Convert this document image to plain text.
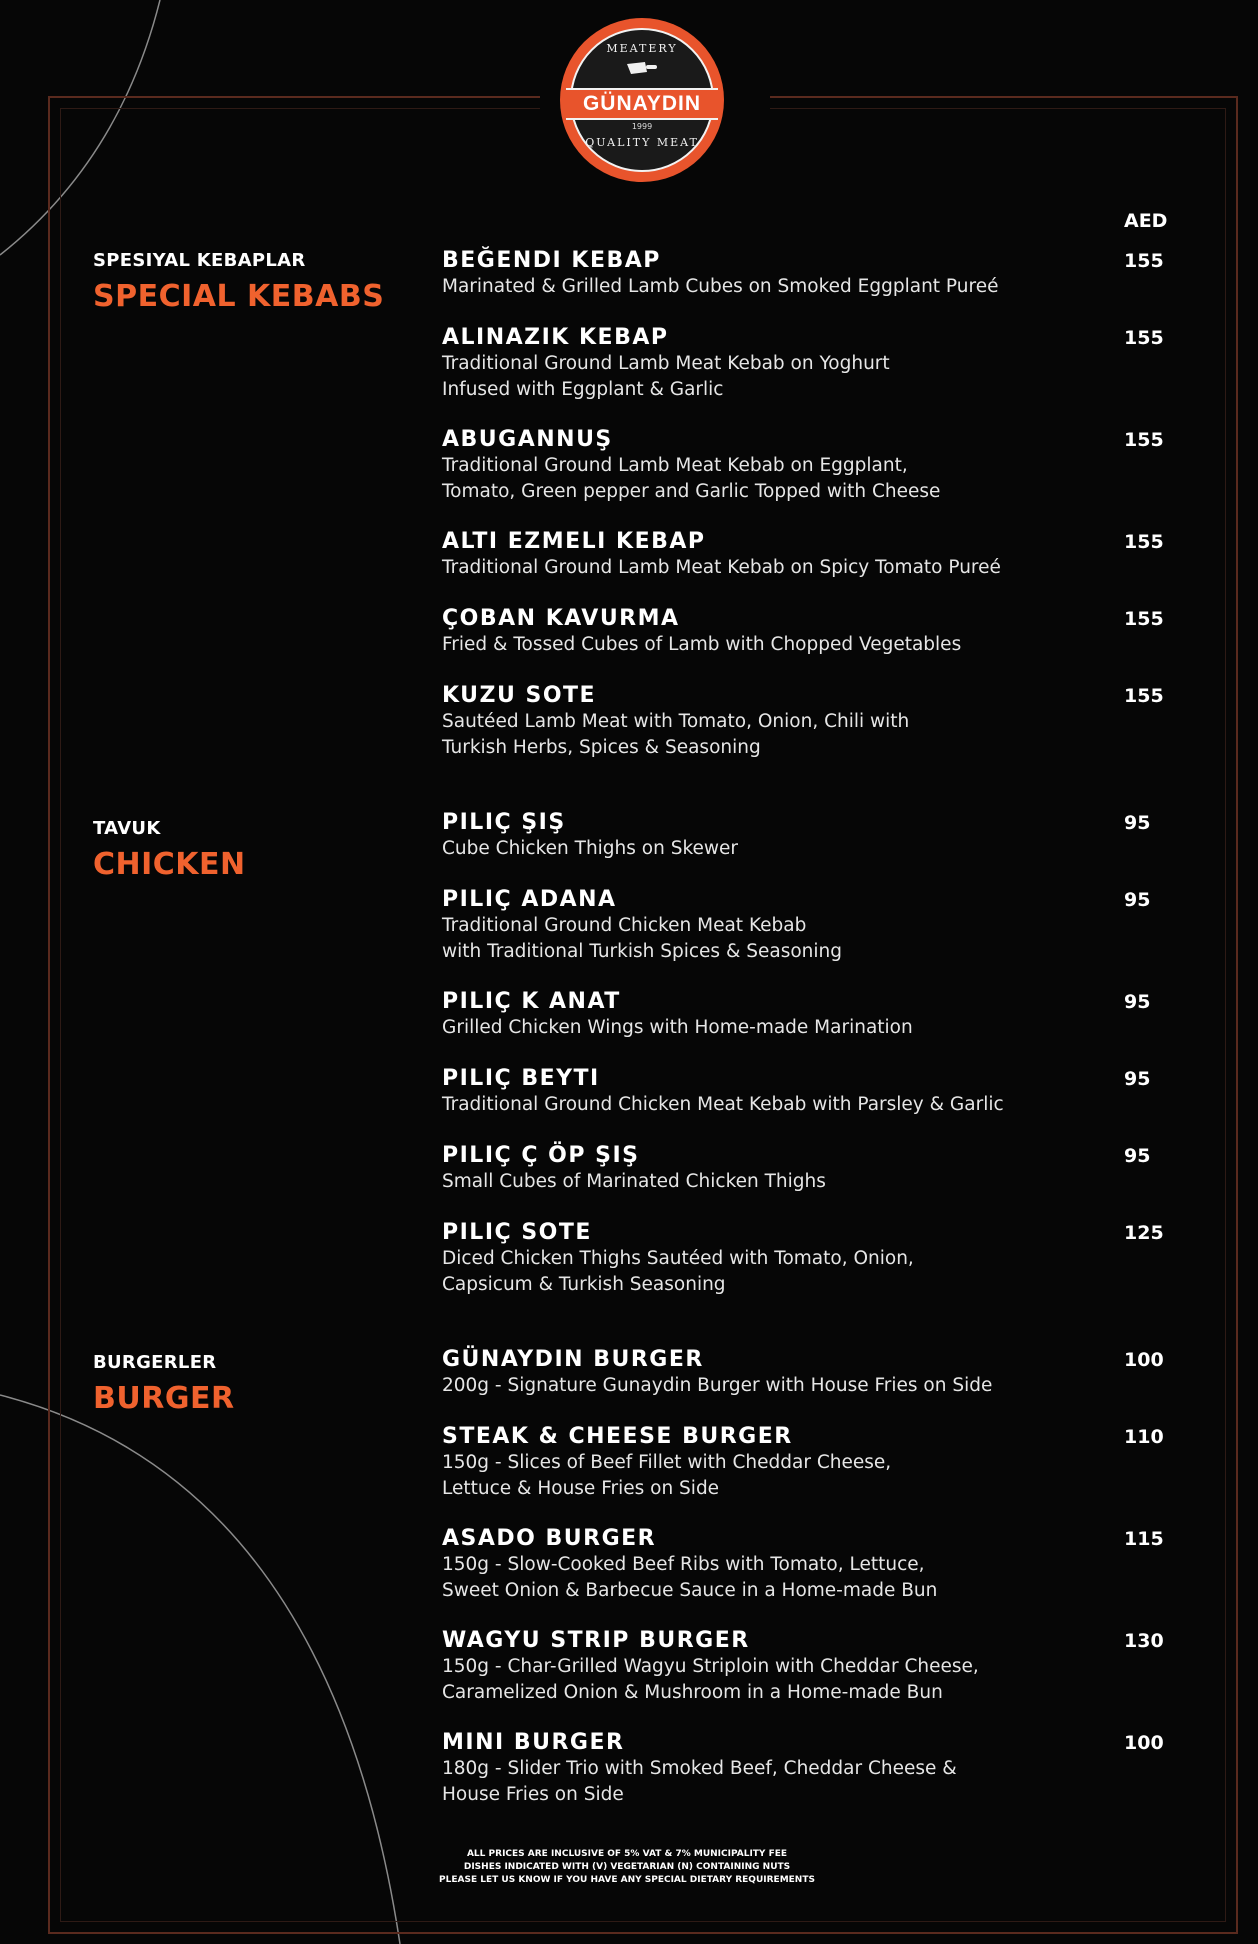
MEATERY
GÜNAYDIN
1999
QUALITY MEAT
AED
SPESIYAL KEBAPLAR
SPECIAL KEBABS
BEĞENDI KEBAP
Marinated & Grilled Lamb Cubes on Smoked Eggplant Pureé
155
ALINAZIK KEBAP
Traditional Ground Lamb Meat Kebab on Yoghurt
Infused with Eggplant & Garlic
155
ABUGANNUŞ
Traditional Ground Lamb Meat Kebab on Eggplant,
Tomato, Green pepper and Garlic Topped with Cheese
155
ALTI EZMELI KEBAP
Traditional Ground Lamb Meat Kebab on Spicy Tomato Pureé
155
ÇOBAN KAVURMA
Fried & Tossed Cubes of Lamb with Chopped Vegetables
155
KUZU SOTE
Sautéed Lamb Meat with Tomato, Onion, Chili with
Turkish Herbs, Spices & Seasoning
155
TAVUK
CHICKEN
PILIÇ ŞIŞ
Cube Chicken Thighs on Skewer
95
PILIÇ ADANA
Traditional Ground Chicken Meat Kebab
with Traditional Turkish Spices & Seasoning
95
PILIÇ K ANAT
Grilled Chicken Wings with Home-made Marination
95
PILIÇ BEYTI
Traditional Ground Chicken Meat Kebab with Parsley & Garlic
95
PILIÇ Ç ÖP ŞIŞ
Small Cubes of Marinated Chicken Thighs
95
PILIÇ SOTE
Diced Chicken Thighs Sautéed with Tomato, Onion,
Capsicum & Turkish Seasoning
125
BURGERLER
BURGER
GÜNAYDIN BURGER
200g - Signature Gunaydin Burger with House Fries on Side
100
STEAK & CHEESE BURGER
150g - Slices of Beef Fillet with Cheddar Cheese,
Lettuce & House Fries on Side
110
ASADO BURGER
150g - Slow-Cooked Beef Ribs with Tomato, Lettuce,
Sweet Onion & Barbecue Sauce in a Home-made Bun
115
WAGYU STRIP BURGER
150g - Char-Grilled Wagyu Striploin with Cheddar Cheese,
Caramelized Onion & Mushroom in a Home-made Bun
130
MINI BURGER
180g - Slider Trio with Smoked Beef, Cheddar Cheese &
House Fries on Side
100
ALL PRICES ARE INCLUSIVE OF 5% VAT & 7% MUNICIPALITY FEE
DISHES INDICATED WITH (V) VEGETARIAN (N) CONTAINING NUTS
PLEASE LET US KNOW IF YOU HAVE ANY SPECIAL DIETARY REQUIREMENTS
